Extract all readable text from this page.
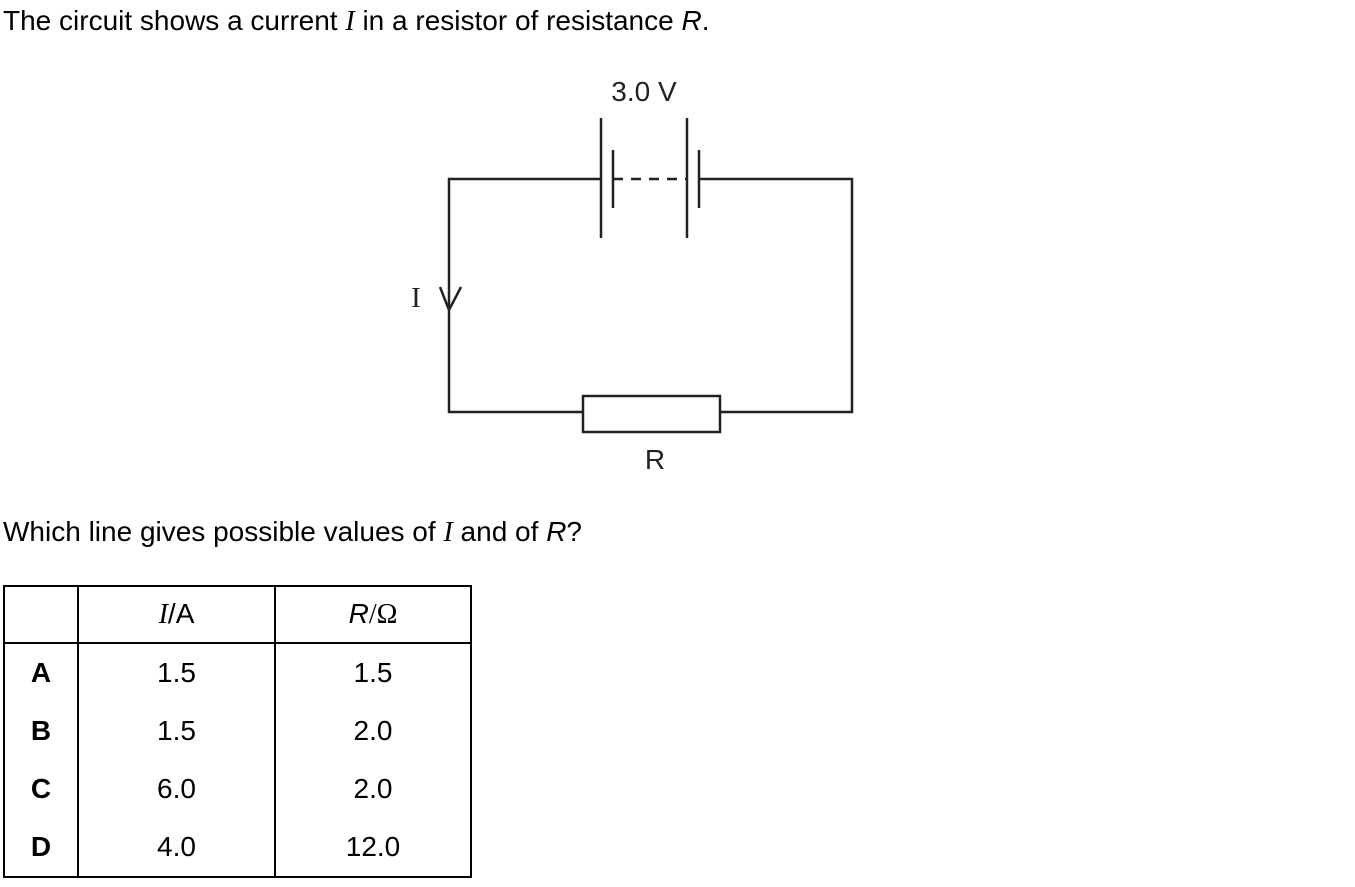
The circuit shows a current I in a resistor of resistance R.
3.0 V
I
R
Which line gives possible values of I and of R?
	I/A	R/Ω
A	1.5	1.5
B	1.5	2.0
C	6.0	2.0
D	4.0	12.0
